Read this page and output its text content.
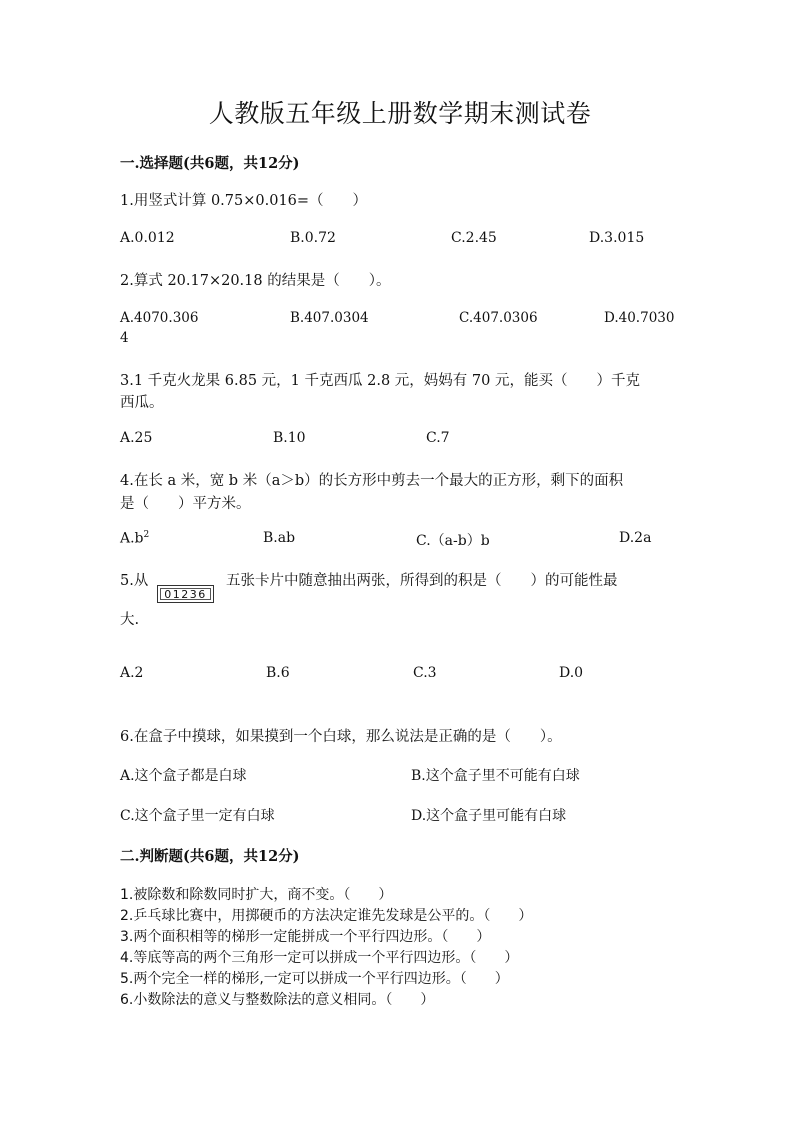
人教版五年级上册数学期末测试卷
一.选择题(共6题，共12分)
1.用竖式计算 0.75×0.016=（　　）
A.0.012	B.0.72	C.2.45	D.3.015
2.算式 20.17×20.18 的结果是（　　）。
A.4070.306	B.407.0304	C.407.0306	D.40.7030
4
3.1 千克火龙果 6.85 元，1 千克西瓜 2.8 元，妈妈有 70 元，能买（　　）千克
西瓜。
A.25	B.10	C.7
4.在长 a 米，宽 b 米（a＞b）的长方形中剪去一个最大的正方形，剩下的面积
是（　　）平方米。
$A.b^2$	B.ab	C.（a-b）b	D.2a
5.从
01236
五张卡片中随意抽出两张，所得到的积是（　　）的可能性最
大.
A.2	B.6	C.3	D.0
6.在盒子中摸球，如果摸到一个白球，那么说法是正确的是（　　）。
A.这个盒子都是白球	B.这个盒子里不可能有白球
C.这个盒子里一定有白球	D.这个盒子里可能有白球
二.判断题(共6题，共12分)
1.被除数和除数同时扩大，商不变。（　　）
2.乒乓球比赛中，用掷硬币的方法决定谁先发球是公平的。（　　）
3.两个面积相等的梯形一定能拼成一个平行四边形。（　　）
4.等底等高的两个三角形一定可以拼成一个平行四边形。（　　）
5.两个完全一样的梯形,一定可以拼成一个平行四边形。（　　）
6.小数除法的意义与整数除法的意义相同。（　　）
